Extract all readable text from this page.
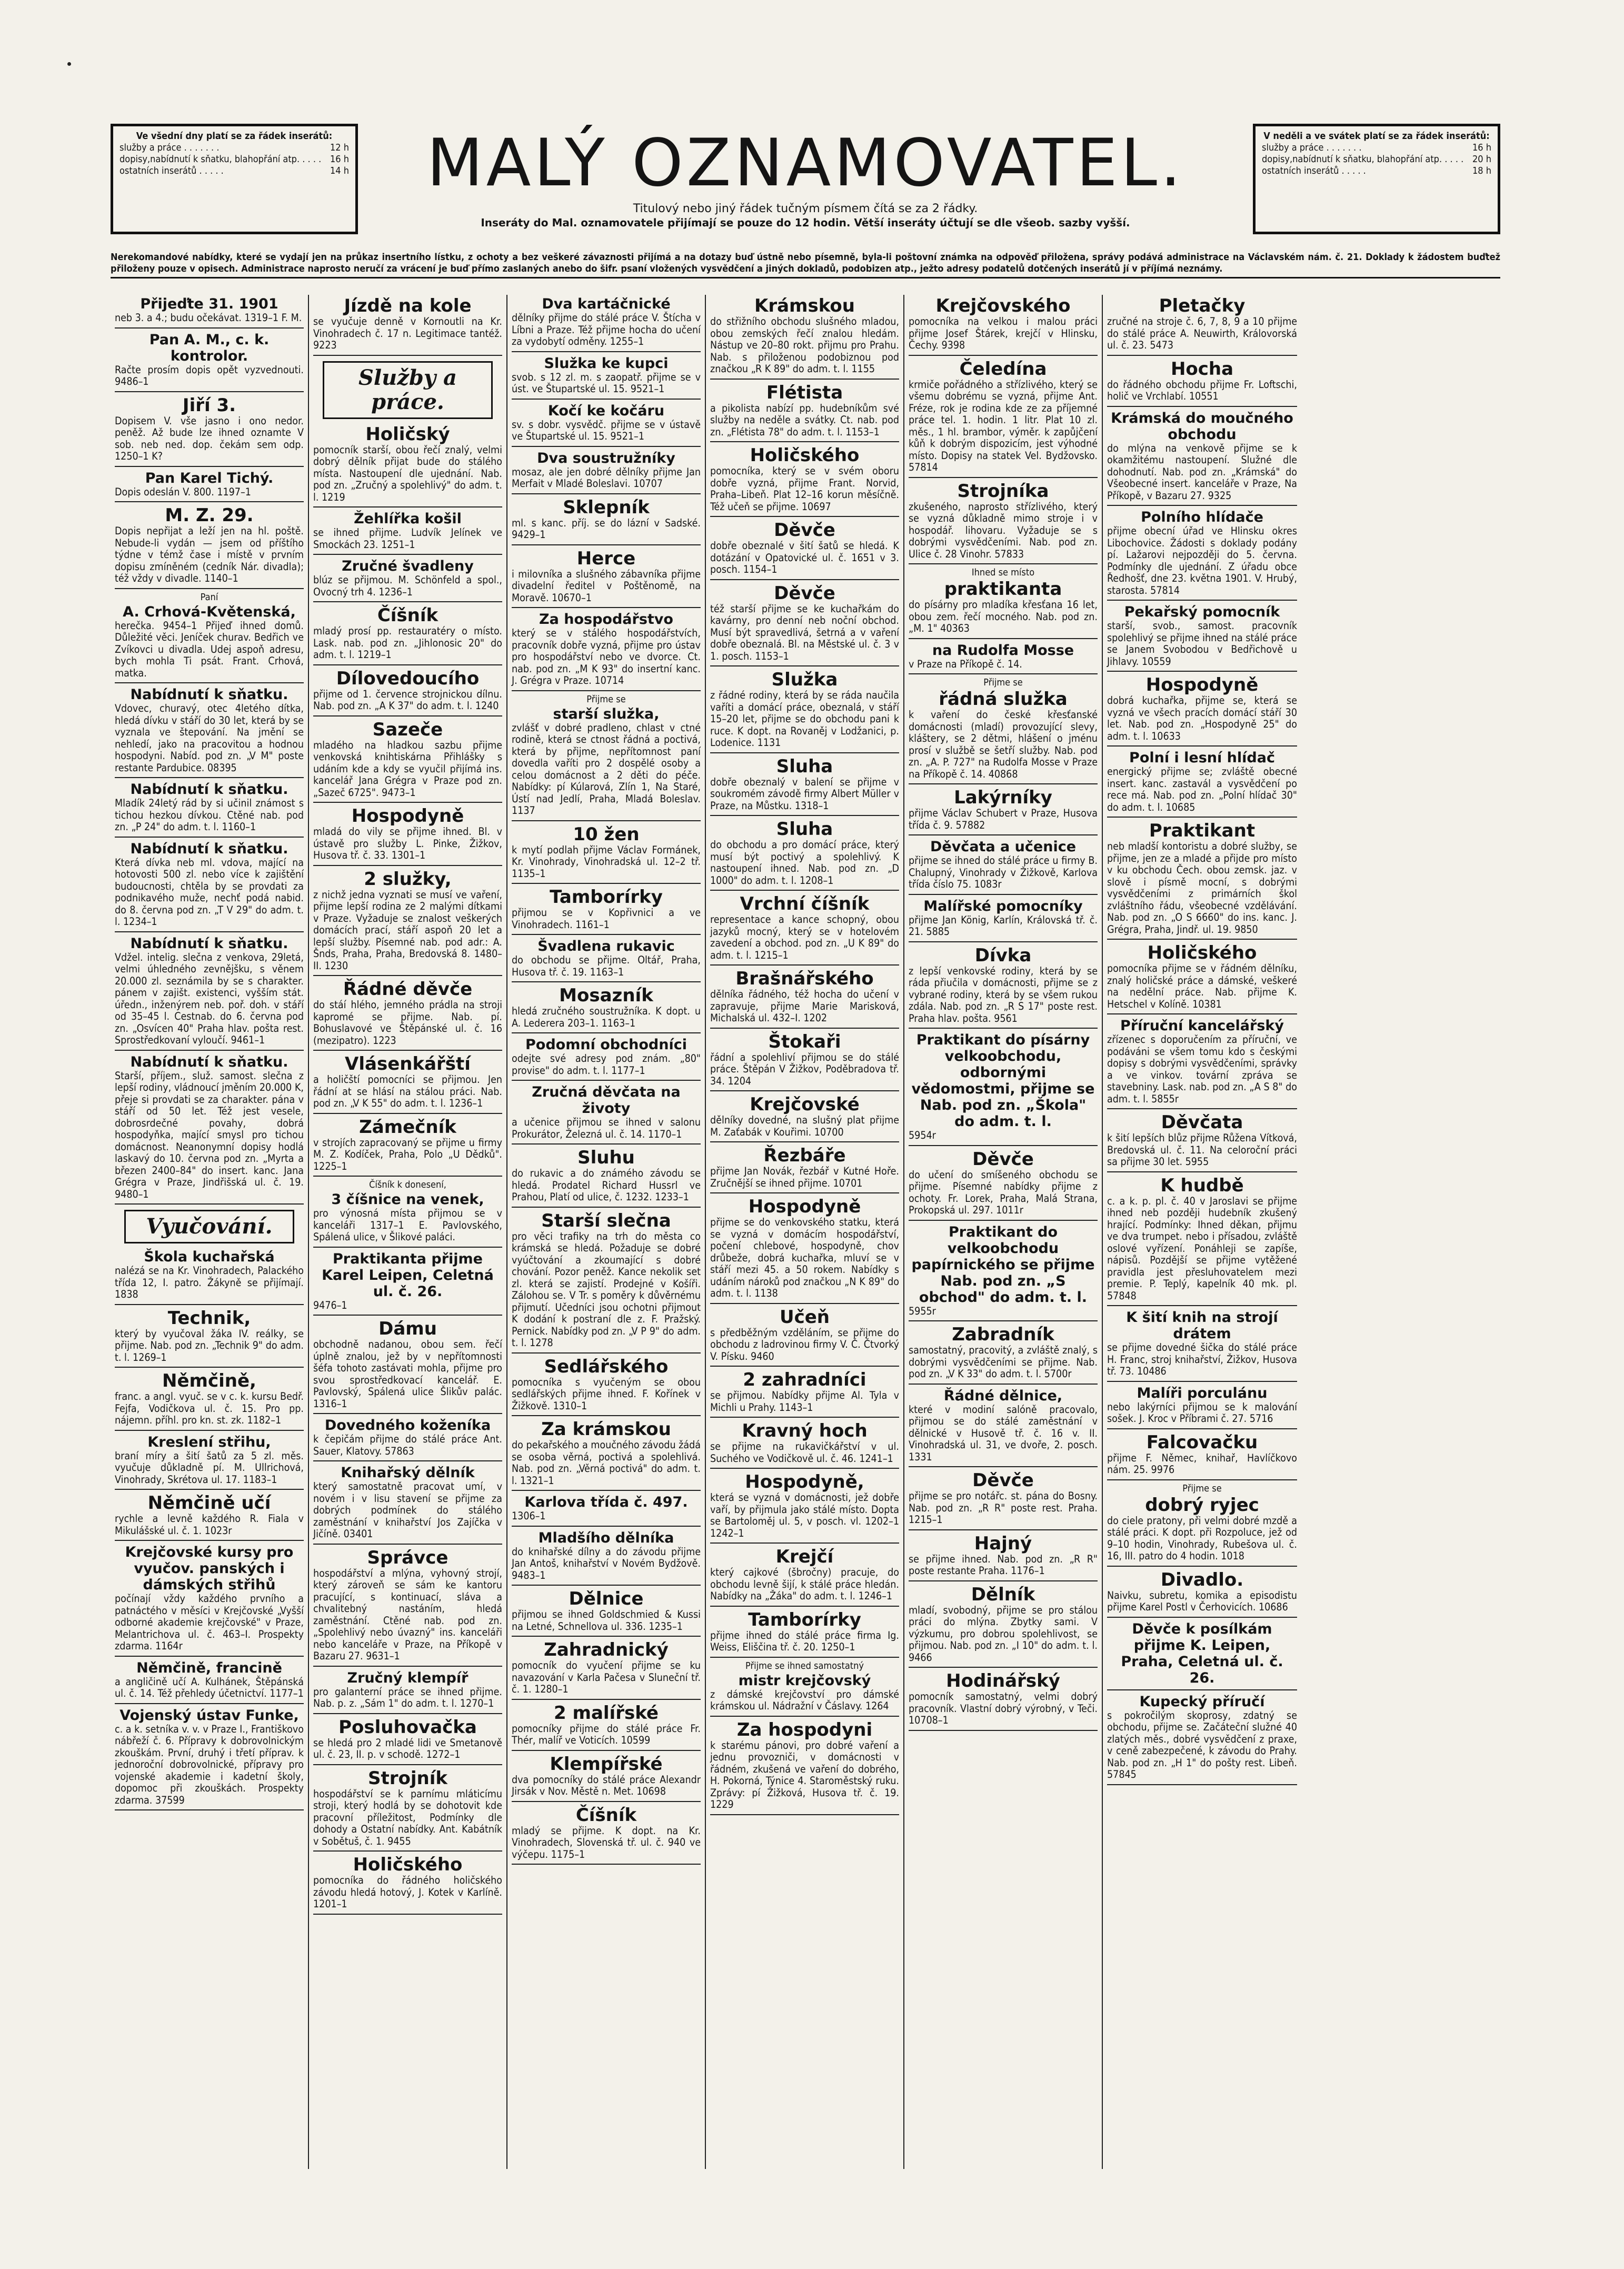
Ve všední dny platí se za řádek inserátů:
služby a práce . . . . . . .	12 h
dopisy,nabídnutí k sňatku, blahopřání atp. . . . . 16 h
ostatních inserátů . . . . .	14 h	MALÝ OZNAMOVATEL.
Titulový nebo jiný řádek tučným písmem čítá se za 2 řádky.
Inseráty do Mal. oznamovatele přijímají se pouze do 12 hodin. Větší inseráty účtují se dle všeob. sazby vyšší.
V neděli a ve svátek platí se za řádek inserátů:
služby a práce . . . . . . .	16 h
dopisy,nabídnutí k sňatku, blahopřání atp. . . . . 20 h
ostatních inserátů . . . . .	18 h
Nerekomandové nabídky, které se vydají jen na průkaz insertního lístku, z ochoty a bez veškeré závaznosti přijímá a na dotazy buď ústně nebo písemně, byla-li poštovní známka na odpověď přiložena, správy podává administrace na Václavském nám. č. 21. Doklady k žádostem buďtež přiloženy pouze v opisech. Administrace naprosto neručí za vrácení je buď přímo zaslaných anebo do šifr. psaní vložených vysvědčení a jiných dokladů, podobizen atp., ježto adresy podatelů dotčených inserátů jí v příjímá neznámy.
Přijeďte 31. 1901
neb 3. a 4.; budu očekávat. 1319–1 F. M.
Pan A. M., c. k. kontrolor.
Račte prosím dopis opět vyzvednouti. 9486–1
Jiří 3.
Dopisem V. vše jasno i ono nedor. peněž. Až bude lze ihned oznamte V sob. neb ned. dop. čekám sem odp. 1250–1 K?
Pan Karel Tichý.
Dopis odeslán V. 800. 1197–1
M. Z. 29.
Dopis nepřijat a leží jen na hl. poště. Nebude-li vydán — jsem od příštího týdne v témž čase i místě v prvním dopisu zmíněném (cedník Nár. divadla); též vždy v divadle. 1140–1
Paní
A. Crhová-Květenská,
herečka. 9454–1 Přijeď ihned domů. Důležité věci. Jeníček churav. Bedřich ve Zvíkovci u divadla. Udej aspoň adresu, bych mohla Ti psát. Frant. Crhová, matka.
Nabídnutí k sňatku.
Vdovec, churavý, otec 4letého dítka, hledá dívku v stáří do 30 let, která by se vyznala ve štepování. Na jmění se nehledí, jako na pracovitou a hodnou hospodyni. Nabíd. pod zn. „V M" poste restante Pardubice. 08395
Nabídnutí k sňatku.
Mladík 24letý rád by si učinil známost s tichou hezkou dívkou. Ctěné nab. pod zn. „P 24" do adm. t. l. 1160–1
Nabídnutí k sňatku.
Která dívka neb ml. vdova, mající na hotovosti 500 zl. nebo více k zajištění budoucnosti, chtěla by se provdati za podnikavého muže, nechť podá nabid. do 8. června pod zn. „T V 29" do adm. t. l. 1234–1
Nabídnutí k sňatku.
Vdžel. intelig. slečna z venkova, 29letá, velmi úhledného zevnějšku, s věnem 20.000 zl. seznámila by se s charakter. pánem v zajišt. existenci, vyšším stát. úředn., inženýrem neb. poř. doh. v stáří od 35–45 l. Cestnab. do 6. června pod zn. „Osvícen 40" Praha hlav. pošta rest. Sprostředkovaní vyloučí. 9461–1
Nabídnutí k sňatku.
Starší, příjem., služ. samost. slečna z lepší rodiny, vládnoucí jměním 20.000 K, přeje si provdati se za charakter. pána v stáří od 50 let. Též jest vesele, dobrosrdečné povahy, dobrá hospodyňka, mající smysl pro tichou domácnost. Neanonymní dopisy hodlá laskavý do 10. června pod zn. „Myrta a březen 2400–84" do insert. kanc. Jana Grégra v Praze, Jindřišská ul. č. 19. 9480–1
Vyučování.
Škola kuchařská
nalézá se na Kr. Vinohradech, Palackého třída 12, I. patro. Žákyně se přijímají. 1838
Technik,
který by vyučoval žáka IV. reálky, se přijme. Nab. pod zn. „Technik 9" do adm. t. l. 1269–1
Němčině,
franc. a angl. vyuč. se v c. k. kursu Bedř. Fejfa, Vodičkova ul. č. 15. Pro pp. nájemn. příhl. pro kn. st. zk. 1182–1
Kreslení střihu,
braní míry a šití šatů za 5 zl. měs. vyučuje důkladně pí. M. Ullrichová, Vinohrady, Skrétova ul. 17. 1183–1
Němčině učí
rychle a levně každého R. Fiala v Mikulášské ul. č. 1. 1023r
Krejčovské kursy pro vyučov. panských i dámských střihů
počínají vždy každého prvního a patnáctého v měsíci v Krejčovské „Vyšší odborné akademie krejčovské" v Praze, Melantrichova ul. č. 463–I. Prospekty zdarma. 1164r
Němčině, francině
a angličině učí A. Kulhánek, Štěpánská ul. č. 14. Též přehledy účetnictví. 1177–1
Vojenský ústav Funke,
c. a k. setníka v. v. v Praze I., Františkovo nábřeží č. 6. Přípravy k dobrovolnickým zkouškám. První, druhý i třetí příprav. k jednoroční dobrovolnické, přípravy pro vojenské akademie i kadetní školy, dopomoc při zkouškách. Prospekty zdarma. 37599
Jízdě na kole
se vyučuje denně v Kornoutli na Kr. Vinohradech č. 17 n. Legitimace tantéž. 9223
Služby a práce.
Holičský
pomocník starší, obou řečí znalý, velmi dobrý dělník přijat bude do stálého místa. Nastoupení dle ujednání. Nab. pod zn. „Zručný a spolehlivý" do adm. t. l. 1219
Žehlířka košil
se ihned přijme. Ludvík Jelínek ve Smockách 23. 1251–1
Zručné švadleny
blúz se přijmou. M. Schönfeld a spol., Ovocný trh 4. 1236–1
Číšník
mladý prosí pp. restauratéry o místo. Lask. nab. pod zn. „Jihlonosic 20" do adm. t. l. 1219–1
Dílovedoucího
přijme od 1. července strojnickou dílnu. Nab. pod zn. „A K 37" do adm. t. l. 1240
Sazeče
mladého na hladkou sazbu přijme venkovská knihtiskárna Přihlášky s udáním kde a kdy se vyučil přijímá ins. kancelář Jana Grégra v Praze pod zn. „Sazeč 6725". 9473–1
Hospodyně
mladá do vily se přijme ihned. Bl. v ústavě pro služby L. Pinke, Žižkov, Husova tř. č. 33. 1301–1
2 služky,
z nichž jedna vyznati se musí ve vaření, přijme lepší rodina ze 2 malými dítkami v Praze. Vyžaduje se znalost veškerých domácích prací, stáří aspoň 20 let a lepší služby. Písemné nab. pod adr.: A. Šnds, Praha, Praha, Bredovská 8. 1480–II. 1230
Řádné děvče
do stáí hlého, jemného prádla na stroji kapromé se přijme. Nab. pí. Bohuslavové ve Štěpánské ul. č. 16 (mezipatro). 1223
Vlásenkářští
a holičští pomocníci se přijmou. Jen řádní at se hlásí na stálou práci. Nab. pod zn. „V K 55" do adm. t. l. 1236–1
Zámečník
v strojích zapracovaný se přijme u firmy M. Z. Kodíček, Praha, Polo „U Dědků". 1225–1
Číšník k donesení,
3 číšnice na venek,
pro výnosná místa přijmou se v kanceláři 1317–1 E. Pavlovského, Spálená ulice, v Šlikové paláci.
Praktikanta přijme Karel Leipen, Celetná ul. č. 26.
9476–1
Dámu
obchodně nadanou, obou sem. řečí úplně znalou, jež by v nepřítomnosti šéfa tohoto zastávati mohla, přijme pro svou sprostředkovací kancelář. E. Pavlovský, Spálená ulice Šlikův palác. 1316–1
Dovedného koženíka
k čepičám přijme do stálé práce Ant. Sauer, Klatovy. 57863
Knihařský dělník
který samostatně pracovat umí, v novém i v lisu stavení se přijme za dobrých podmínek do stálého zaměstnání v knihařství Jos Zajíčka v Jičíně. 03401
Správce
hospodářství a mlýna, vyhovný strojí, který zároveň se sám ke kantoru pracující, s kontinuací, sláva a chvalitebný nastáním, hledá zaměstnání. Ctěné nab. pod zn. „Spolehlivý nebo úvazný" ins. kanceláři nebo kanceláře v Praze, na Příkopě v Bazaru 27. 9631–1
Zručný klempíř
pro galanterní práce se ihned přijme. Nab. p. z. „Sám 1" do adm. t. l. 1270–1
Posluhovačka
se hledá pro 2 mladé lidi ve Smetanově ul. č. 23, II. p. v schodě. 1272–1
Strojník
hospodářství se k parnímu mláticímu stroji, který hodlá by se dohotovit kde pracovní příležitost, Podmínky dle dohody a Ostatní nabídky. Ant. Kabátník v Sobětuš, č. 1. 9455
Holičského
pomocníka do řádného holičského závodu hledá hotový, J. Kotek v Karlíně. 1201–1
Dva kartáčnické
dělníky přijme do stálé práce V. Štícha v Líbni a Praze. Též přijme hocha do učení za vydobytí odměny. 1255–1
Služka ke kupci
svob. s 12 zl. m. s zaopatř. přijme se v úst. ve Štupartské ul. 15. 9521–1
Kočí ke kočáru
sv. s dobr. vysvědč. přijme se v ústavě ve Štupartské ul. 15. 9521–1
Dva soustružníky
mosaz, ale jen dobré dělníky přijme Jan Merfait v Mladé Boleslavi. 10707
Sklepník
ml. s kanc. příj. se do lázní v Sadské. 9429–1
Herce
i milovníka a slušného zábavníka přijme divadelní ředitel v Poštěnomě, na Moravě. 10670–1
Za hospodářstvo
který se v stálého hospodářstvích, pracovník dobře vyzná, přijme pro ústav pro hospodářství nebo ve dvorce. Ct. nab. pod zn. „M K 93" do insertní kanc. J. Grégra v Praze. 10714
Přijme se
starší služka,
zvlášť v dobré pradleno, chlast v ctné rodině, která se ctnost řádná a poctivá, která by přijme, nepřítomnost paní dovedla vaříti pro 2 dospělé osoby a celou domácnost a 2 děti do péče. Nabídky: pí Kúlarová, Zlín 1, Na Staré, Ústí nad Jedlí, Praha, Mladá Boleslav. 1137
10 žen
k mytí podlah přijme Václav Formánek, Kr. Vinohrady, Vinohradská ul. 12–2 tř. 1135–1
Tamborírky
přijmou se v Kopřivnici a ve Vinohradech. 1161–1
Švadlena rukavic
do obchodu se přijme. Oltář, Praha, Husova tř. č. 19. 1163–1
Mosazník
hledá zručného soustružníka. K dopt. u A. Lederera 203–1. 1163–1
Podomní obchodníci
odejte své adresy pod znám. „80" provise" do adm. t. l. 1177–1
Zručná děvčata na životy
a učenice přijmou se ihned v salonu Prokurátor, Železná ul. č. 14. 1170–1
Sluhu
do rukavic a do známého závodu se hledá. Prodatel Richard Hussrl ve Prahou, Platí od ulice, č. 1232. 1233–1
Starší slečna
pro věci trafiky na trh do města co krámská se hledá. Požaduje se dobré vyúčtování a zkoumající s dobré chování. Pozor peněž. Kance nekolik set zl. která se zajistí. Prodejné v Košíři. Zálohou se. V Tr. s poměry k důvěrnému přijmutí. Učedníci jsou ochotni přijmout K dodání k postraní dle z. F. Pražský. Pernick. Nabídky pod zn. „V P 9" do adm. t. l. 1278
Sedlářského
pomocníka s vyučeným se obou sedlářských přijme ihned. F. Kořínek v Žižkově. 1310–1
Za krámskou
do pekařského a moučného závodu žádá se osoba věrná, poctivá a spolehlivá. Nab. pod zn. „Věrná poctivá" do adm. t. l. 1321–1
Karlova třída č. 497.
1306–1
Mladšího dělníka
do knihařské dílny a do závodu přijme Jan Antoš, knihařství v Novém Bydžově. 9483–1
Dělnice
přijmou se ihned Goldschmied & Kussi na Letné, Schnellova ul. 336. 1235–1
Zahradnický
pomocník do vyučení přijme se ku navazování v Karla Pačesa v Sluneční tř. č. 1. 1280–1
2 malířské
pomocníky přijme do stálé práce Fr. Thér, malíř ve Voticích. 10599
Klempířské
dva pomocníky do stálé práce Alexandr Jirsák v Nov. Městě n. Met. 10698
Číšník
mladý se přijme. K dopt. na Kr. Vinohradech, Slovenská tř. ul. č. 940 ve výčepu. 1175–1
Krámskou
do střižního obchodu slušného mladou, obou zemských řečí znalou hledám. Nástup ve 20–80 rokt. přijmu pro Prahu. Nab. s přiloženou podobiznou pod značkou „R K 89" do adm. t. l. 1155
Flétista
a pikolista nabízí pp. hudebníkům své služby na neděle a svátky. Ct. nab. pod zn. „Flétista 78" do adm. t. l. 1153–1
Holičského
pomocníka, který se v svém oboru dobře vyzná, přijme Frant. Norvid, Praha–Libeň. Plat 12–16 korun měsíčně. Též učeň se přijme. 10697
Děvče
dobře obeznalé v šití šatů se hledá. K dotázání v Opatovické ul. č. 1651 v 3. posch. 1154–1
Děvče
též starší přijme se ke kuchařkám do kavárny, pro denní neb noční obchod. Musí být spravedlivá, šetrná a v vaření dobře obeznalá. Bl. na Městské ul. č. 3 v 1. posch. 1153–1
Služka
z řádné rodiny, která by se ráda naučila vaříti a domácí práce, obeznalá, v stáří 15–20 let, přijme se do obchodu pani k ruce. K dopt. na Rovaněj v Lodžanici, p. Lodenice. 1131
Sluha
dobře obeznalý v balení se přijme v soukromém závodě firmy Albert Müller v Praze, na Můstku. 1318–1
Sluha
do obchodu a pro domácí práce, který musí být poctivý a spolehlivý. K nastoupení ihned. Nab. pod zn. „D 1000" do adm. t. l. 1208–1
Vrchní číšník
representace a kance schopný, obou jazyků mocný, který se v hotelovém zavedení a obchod. pod zn. „U K 89" do adm. t. l. 1215–1
Brašnářského
dělníka řádného, též hocha do učení v zapravuje, přijme Marie Marisková, Michalská ul. 432–I. 1202
Štokaři
řádní a spolehliví přijmou se do stálé práce. Štěpán V Žižkov, Poděbradova tř. 34. 1204
Krejčovské
dělníky dovedné, na slušný plat přijme M. Zaťabák v Kouřimi. 10700
Řezbáře
přijme Jan Novák, řezbář v Kutné Hoře. Zručnější se ihned přijme. 10701
Hospodyně
přijme se do venkovského statku, která se vyzná v domácím hospodářství, počení chlebové, hospodyně, chov drůbeže, dobrá kuchařka, mluví se v stáří mezi 45. a 50 rokem. Nabídky s udáním nároků pod značkou „N K 89" do adm. t. l. 1138
Učeň
s předběžným vzděláním, se přijme do obchodu z ladrovinou firmy V. Č. Čtvorký V. Písku. 9460
2 zahradníci
se přijmou. Nabídky přijme Al. Tyla v Michli u Prahy. 1143–1
Kravný hoch
se přijme na rukavičkářství v ul. Suchého ve Vodičkově ul. č. 46. 1241–1
Hospodyně,
která se vyzná v domácnosti, jež dobře vaří, by přijmula jako stálé místo. Dopta se Bartoloměj ul. 5, v posch. vl. 1202–1 1242–1
Krejčí
který cajkové (šbročny) pracuje, do obchodu levně šijí, k stálé práce hledán. Nabídky na „Žáka" do adm. t. l. 1246–1
Tamborírky
přijme ihned do stálé práce firma Ig. Weiss, Eliščina tř. č. 20. 1250–1
Přijme se ihned samostatný
mistr krejčovský
z dámské krejčovství pro dámské krámskou ul. Nádražní v Čáslavy. 1264
Za hospodyni
k starému pánovi, pro dobré vaření a jednu provozniči, v domácnosti v řádném, zkušená ve vaření do dobrého, H. Pokorná, Týnice 4. Staroměstský ruku. Zprávy: pí Žižková, Husova tř. č. 19. 1229
Krejčovského
pomocníka na velkou i malou práci přijme Josef Štárek, krejčí v Hlinsku, Čechy. 9398
Čeledína
krmiče pořádného a střízlivého, který se všemu dobrému se vyzná, přijme Ant. Fréze, rok je rodina kde ze za příjemné práce tel. 1. hodin. 1 litr. Plat 10 zl. měs., 1 hl. brambor, výměr. k zapůjčení kůň k dobrým dispozicím, jest výhodné místo. Dopisy na statek Vel. Bydžovsko. 57814
Strojníka
zkušeného, naprosto střízlivého, který se vyzná důkladně mimo stroje i v hospodář. lihovaru. Vyžaduje se s dobrými vysvědčeními. Nab. pod zn. Ulice č. 28 Vinohr. 57833
Ihned se místo
praktikanta
do písárny pro mladíka křesťana 16 let, obou zem. řečí mocného. Nab. pod zn. „M. 1" 40363
na Rudolfa Mosse
v Praze na Příkopě č. 14.
Přijme se
řádná služka
k vaření do české křesťanské domácnosti (mladí) provozující slevy, kláštery, se 2 dětmi, hlášení o jménu prosí v službě se šetří služby. Nab. pod zn. „A. P. 727" na Rudolfa Mosse v Praze na Příkopě č. 14. 40868
Lakýrníky
přijme Václav Schubert v Praze, Husova třída č. 9. 57882
Děvčata a učenice
přijme se ihned do stálé práce u firmy B. Chalupný, Vinohrady v Žižkově, Karlova třída číslo 75. 1083r
Malířské pomocníky
přijme Jan König, Karlín, Královská tř. č. 21. 5885
Dívka
z lepší venkovské rodiny, která by se ráda přiučila v domácnosti, přijme se z vybrané rodiny, která by se všem rukou zdála. Nab. pod zn. „R S 17" poste rest. Praha hlav. pošta. 9561
Praktikant do písárny velkoobchodu, odbornými vědomostmi, přijme se Nab. pod zn. „Škola" do adm. t. l.
5954r
Děvče
do učení do smíšeného obchodu se přijme. Písemné nabídky přijme z ochoty. Fr. Lorek, Praha, Malá Strana, Prokopská ul. 297. 1011r
Praktikant do velkoobchodu papírnického se přijme Nab. pod zn. „S obchod" do adm. t. l.
5955r
Zabradník
samostatný, pracovitý, a zvláště znalý, s dobrými vysvědčeními se přijme. Nab. pod zn. „V K 33" do adm. t. l. 5700r
Řádné dělnice,
které v modiní salóně pracovalo, přijmou se do stálé zaměstnání v dělnické v Husově tř. č. 16 v. II. Vinohradská ul. 31, ve dvoře, 2. posch. 1331
Děvče
přijme se pro notářc. st. pána do Bosny. Nab. pod zn. „R R" poste rest. Praha. 1215–1
Hajný
se přijme ihned. Nab. pod zn. „R R" poste restante Praha. 1176–1
Dělník
mladí, svobodný, přijme se pro stálou práci do mlýna. Zbytky sami. V výzkumu, pro dobrou spolehlivost, se přijmou. Nab. pod zn. „I 10" do adm. t. l. 9466
Hodinářský
pomocník samostatný, velmi dobrý pracovník. Vlastní dobrý výrobný, v Teči. 10708–1
Pletačky
zručné na stroje č. 6, 7, 8, 9 a 10 přijme do stálé práce A. Neuwirth, Královorská ul. č. 23. 5473
Hocha
do řádného obchodu přijme Fr. Loftschi, holič ve Vrchlabí. 10551
Krámská do moučného obchodu
do mlýna na venkově přijme se k okamžitému nastoupení. Služné dle dohodnutí. Nab. pod zn. „Krámská" do Všeobecné insert. kanceláře v Praze, Na Příkopě, v Bazaru 27. 9325
Polního hlídače
přijme obecní úřad ve Hlinsku okres Libochovice. Žádosti s doklady podány pí. Lažarovi nejpozději do 5. června. Podmínky dle ujednání. Z úřadu obce Ředhošť, dne 23. května 1901. V. Hrubý, starosta. 57814
Pekařský pomocník
starší, svob., samost. pracovník spolehlivý se přijme ihned na stálé práce se Janem Svobodou v Bedřichově u Jihlavy. 10559
Hospodyně
dobrá kuchařka, přijme se, která se vyzná ve všech pracích domácí stáří 30 let. Nab. pod zn. „Hospodyně 25" do adm. t. l. 10633
Polní i lesní hlídač
energický přijme se; zvláště obecné insert. kanc. zastavál a vysvědčení po rece má. Nab. pod zn. „Polní hlídač 30" do adm. t. l. 10685
Praktikant
neb mladší kontoristu a dobré služby, se přijme, jen ze a mladé a přijde pro místo v ku obchodu Čech. obou zemsk. jaz. v slově i písmě mocní, s dobrými vysvědčeními z primárních škol zvláštního řádu, všeobecné vzdělávání. Nab. pod zn. „O S 6660" do ins. kanc. J. Grégra, Praha, Jindř. ul. 19. 9850
Holičského
pomocníka přijme se v řádném dělníku, znalý holičské práce a dámské, veškeré na nedělní práce. Nab. přijme K. Hetschel v Kolíně. 10381
Příruční kancelářský
zřízenec s doporučením za příruční, ve podáváni se všem tomu kdo s českými dopisy s dobrými vysvědčeními, správky a ve vinkov. tovární zpráva se stavebniny. Lask. nab. pod zn. „A S 8" do adm. t. l. 5855r
Děvčata
k šití lepších blůz přijme Růžena Vítková, Bredovská ul. č. 11. Na celoroční práci sa přijme 30 let. 5955
K hudbě
c. a k. p. pl. č. 40 v Jaroslavi se přijme ihned neb později hudebník zkušený hrající. Podmínky: Ihned děkan, přijmu ve dva trumpet. nebo i přísadou, zvláště oslové vyřízení. Ponáhleji se zapíše, nápisů. Pozdější se přijme vytěžené pravidla jest přesluhovatelem mezi premie. P. Teplý, kapelník 40 mk. pl. 57848
K šití knih na strojí drátem
se přijme dovedné šička do stálé práce H. Franc, stroj knihařství, Žižkov, Husova tř. 73. 10486
Malíři porculánu
nebo lakýrníci přijmou se k malování sošek. J. Kroc v Příbrami č. 27. 5716
Falcovačku
přijme F. Němec, knihař, Havlíčkovo nám. 25. 9976
Přijme se
dobrý ryjec
do ciele pratony, při velmi dobré mzdě a stálé práci. K dopt. při Rozpoluce, jež od 9–10 hodin, Vinohrady, Rubešova ul. č. 16, III. patro do 4 hodin. 1018
Divadlo.
Naivku, subretu, komika a episodistu přijme Karel Postl v Čerhovicích. 10686
Děvče k posílkám přijme K. Leipen, Praha, Celetná ul. č. 26.
Kupecký příručí
s pokročilým skoprosy, zdatný se obchodu, přijme se. Začáteční služné 40 zlatých měs., dobré vysvědčení z praxe, v ceně zabezpečené, k závodu do Prahy. Nab. pod zn. „H 1" do pošty rest. Libeň. 57845
